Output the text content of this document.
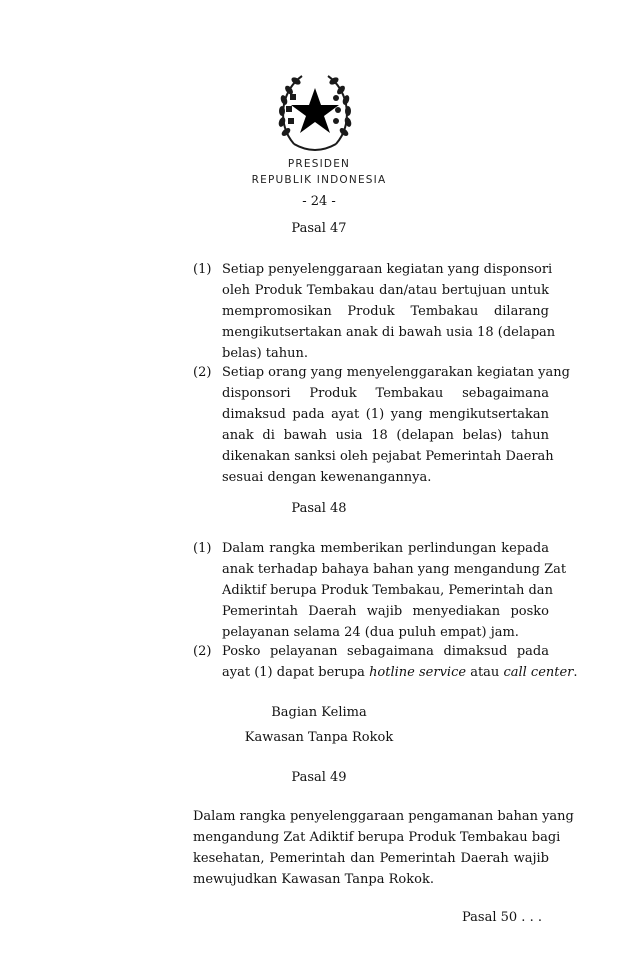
PRESIDEN
REPUBLIK INDONESIA
- 24 -
Pasal 47
(1) Setiap penyelenggaraan kegiatan yang disponsori
oleh Produk Tembakau dan/atau bertujuan untuk
mempromosikan Produk Tembakau dilarang
mengikutsertakan anak di bawah usia 18 (delapan
belas) tahun.
(2) Setiap orang yang menyelenggarakan kegiatan yang
disponsori Produk Tembakau sebagaimana
dimaksud pada ayat (1) yang mengikutsertakan
anak di bawah usia 18 (delapan belas) tahun
dikenakan sanksi oleh pejabat Pemerintah Daerah
sesuai dengan kewenangannya.
Pasal 48
(1) Dalam rangka memberikan perlindungan kepada
anak terhadap bahaya bahan yang mengandung Zat
Adiktif berupa Produk Tembakau, Pemerintah dan
Pemerintah Daerah wajib menyediakan posko
pelayanan selama 24 (dua puluh empat) jam.
(2) Posko pelayanan sebagaimana dimaksud pada
ayat (1) dapat berupa hotline service atau call center.
Bagian Kelima
Kawasan Tanpa Rokok
Pasal 49
Dalam rangka penyelenggaraan pengamanan bahan yang
mengandung Zat Adiktif berupa Produk Tembakau bagi
kesehatan, Pemerintah dan Pemerintah Daerah wajib
mewujudkan Kawasan Tanpa Rokok.
Pasal 50 . . .
